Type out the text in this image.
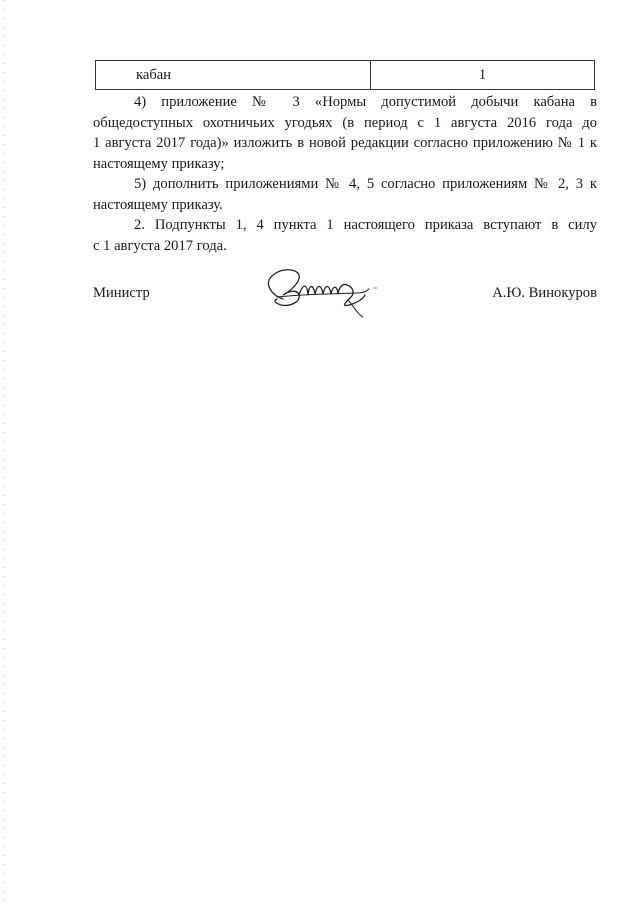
кабан	1

4) приложение № 3 «Нормы допустимой добычи кабана в

общедоступных охотничьих угодьях (в период с 1 августа 2016 года до

1 августа 2017 года)» изложить в новой редакции согласно приложению № 1 к

настоящему приказу;

5) дополнить приложениями № 4, 5 согласно приложениям № 2, 3 к

настоящему приказу.

2. Подпункты 1, 4 пункта 1 настоящего приказа вступают в силу

с 1 августа 2017 года.

Министр	А.Ю. Винокуров
